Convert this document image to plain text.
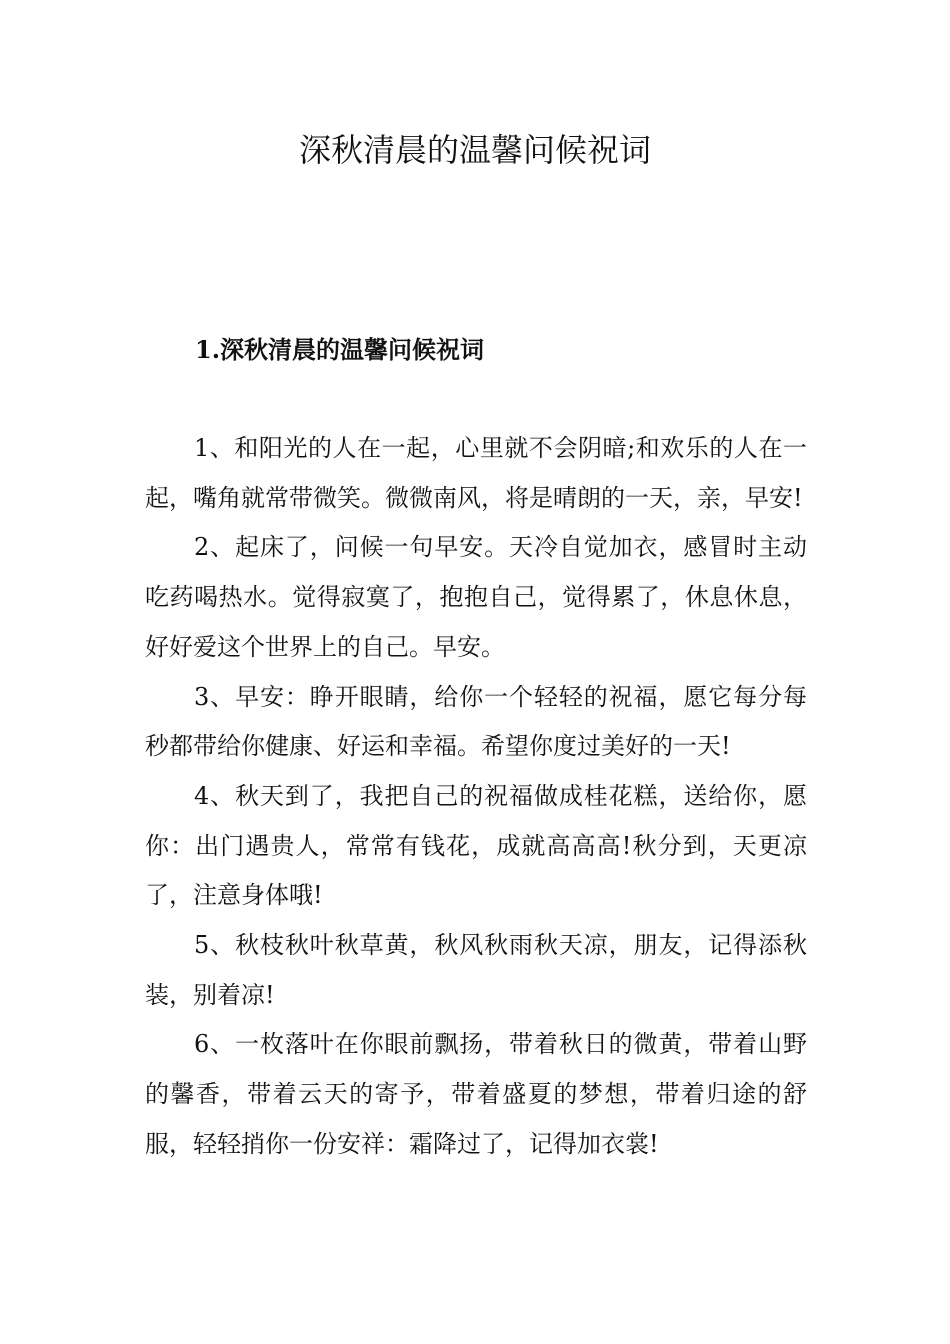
深秋清晨的温馨问候祝词
1.深秋清晨的温馨问候祝词

1、和阳光的人在一起，心里就不会阴暗;和欢乐的人在一起，嘴角就常带微笑。微微南风，将是晴朗的一天，亲，早安!

2、起床了，问候一句早安。天冷自觉加衣，感冒时主动吃药喝热水。觉得寂寞了，抱抱自己，觉得累了，休息休息，好好爱这个世界上的自己。早安。

3、早安：睁开眼睛，给你一个轻轻的祝福，愿它每分每秒都带给你健康、好运和幸福。希望你度过美好的一天!

4、秋天到了，我把自己的祝福做成桂花糕，送给你，愿你：出门遇贵人，常常有钱花，成就高高高!秋分到，天更凉了，注意身体哦!

5、秋枝秋叶秋草黄，秋风秋雨秋天凉，朋友，记得添秋装，别着凉!

6、一枚落叶在你眼前飘扬，带着秋日的微黄，带着山野的馨香，带着云天的寄予，带着盛夏的梦想，带着归途的舒服，轻轻捎你一份安祥：霜降过了，记得加衣裳!
